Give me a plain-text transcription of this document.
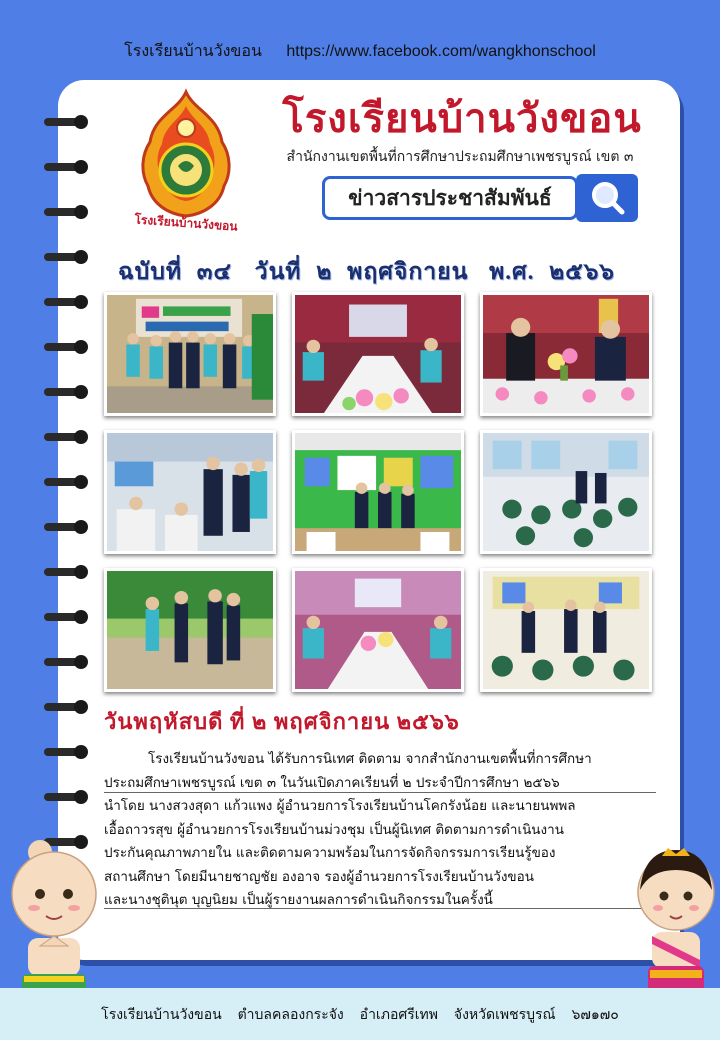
โรงเรียนบ้านวังขอน https://www.facebook.com/wangkhonschool
โรงเรียนบ้านวังขอน
โรงเรียนบ้านวังขอน
สำนักงานเขตพื้นที่การศึกษาประถมศึกษาเพชรบูรณ์ เขต ๓
ข่าวสารประชาสัมพันธ์
ฉบับที่ ๓๔ วันที่ ๒ พฤศจิกายน พ.ศ. ๒๕๖๖
วันพฤหัสบดี ที่ ๒ พฤศจิกายน ๒๕๖๖

โรงเรียนบ้านวังขอน ได้รับการนิเทศ ติดตาม จากสำนักงานเขตพื้นที่การศึกษา

ประถมศึกษาเพชรบูรณ์ เขต ๓ ในวันเปิดภาคเรียนที่ ๒ ประจำปีการศึกษา ๒๕๖๖

นำโดย นางสวงสุดา แก้วแพง ผู้อำนวยการโรงเรียนบ้านโคกรังน้อย และนายนพพล

เอื้อถาวรสุข ผู้อำนวยการโรงเรียนบ้านม่วงชุม เป็นผู้นิเทศ ติดตามการดำเนินงาน

ประกันคุณภาพภายใน และติดตามความพร้อมในการจัดกิจกรรมการเรียนรู้ของ

สถานศึกษา โดยมีนายชาญชัย องอาจ รองผู้อำนวยการโรงเรียนบ้านวังขอน

และนางชุตินุต บุญนิยม เป็นผู้รายงานผลการดำเนินกิจกรรมในครั้งนี้

โรงเรียนบ้านวังขอน ตำบลคลองกระจัง อำเภอศรีเทพ จังหวัดเพชรบูรณ์ ๖๗๑๗๐
